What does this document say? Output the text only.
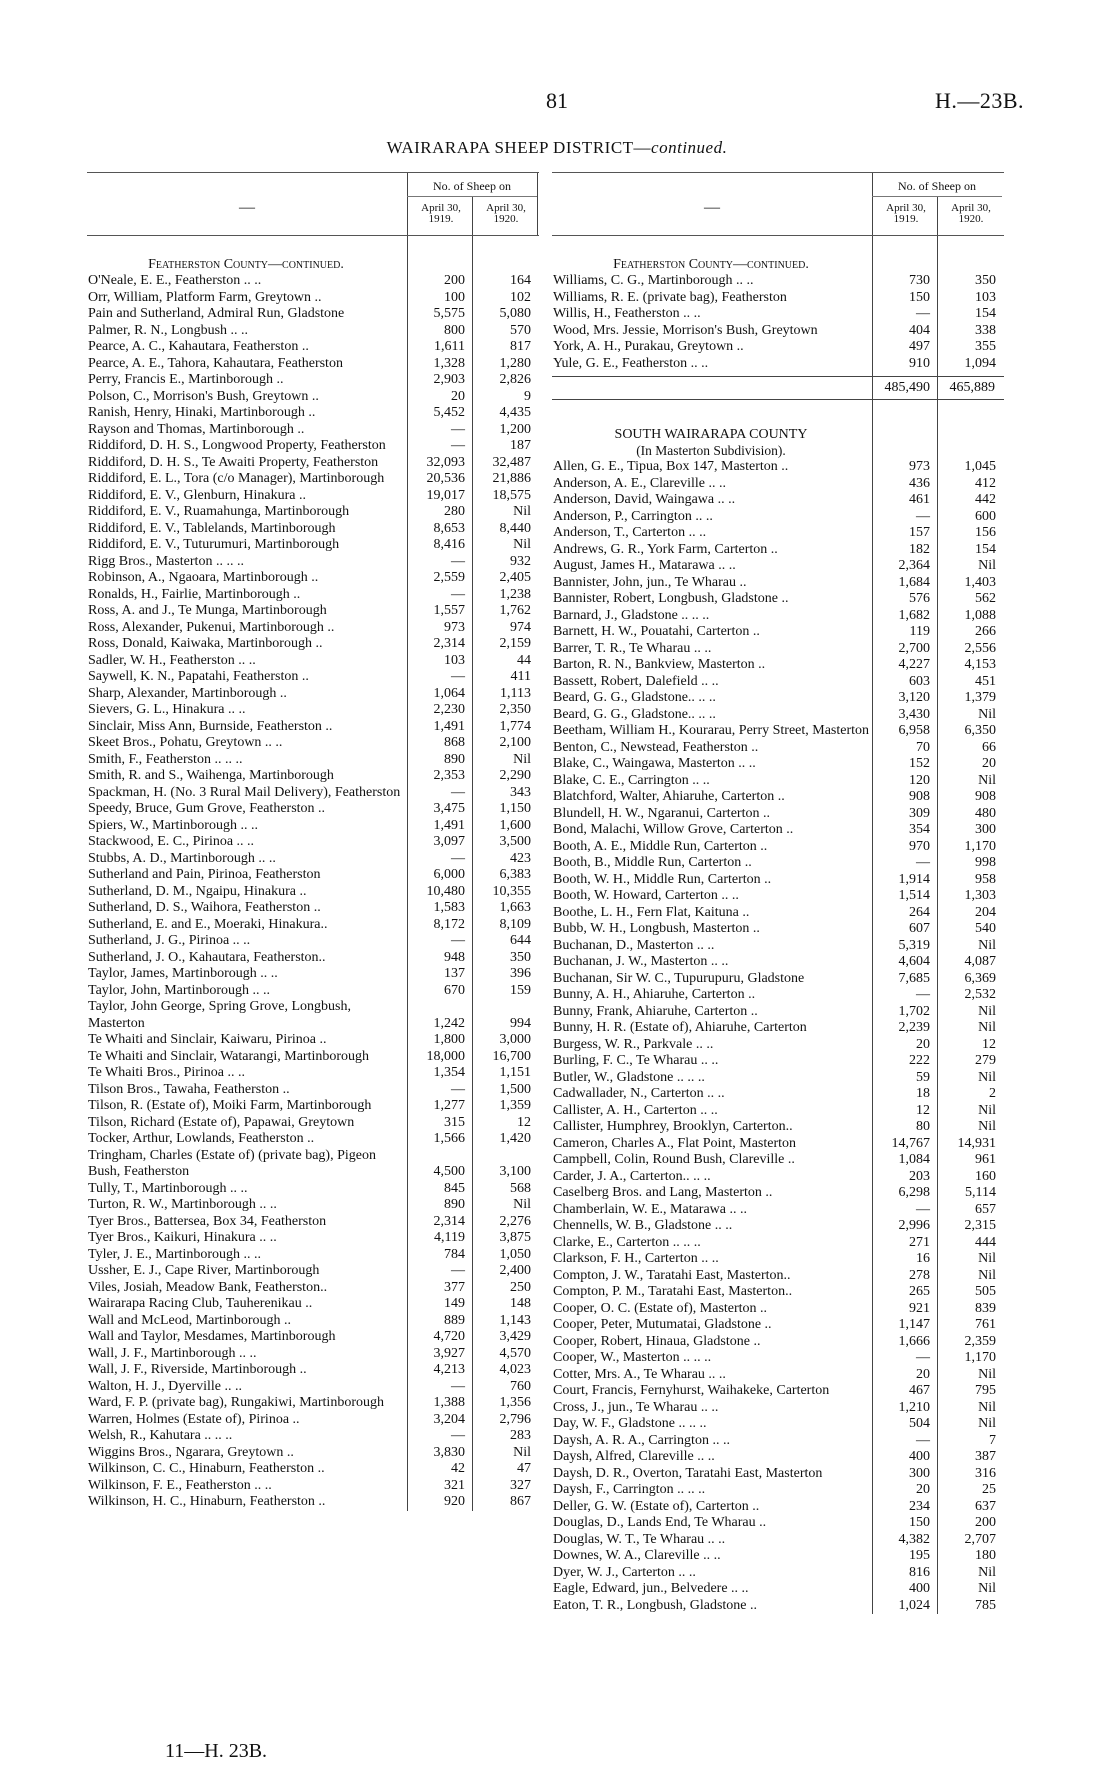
81	H.—23B.
WAIRARAPA SHEEP DISTRICT—continued.
—
No. of Sheep on
April 30, 1919.
April 30, 1920.
Featherston County—continued.
O'Neale, E. E., Featherston .. ..	200	164
Orr, William, Platform Farm, Greytown ..	100	102
Pain and Sutherland, Admiral Run, Gladstone	5,575	5,080
Palmer, R. N., Longbush .. ..	800	570
Pearce, A. C., Kahautara, Featherston ..	1,611	817
Pearce, A. E., Tahora, Kahautara, Featherston	1,328	1,280
Perry, Francis E., Martinborough ..	2,903	2,826
Polson, C., Morrison's Bush, Greytown ..	20	9
Ranish, Henry, Hinaki, Martinborough ..	5,452	4,435
Rayson and Thomas, Martinborough ..	—	1,200
Riddiford, D. H. S., Longwood Property, Featherston	—	187
Riddiford, D. H. S., Te Awaiti Property, Featherston	32,093	32,487
Riddiford, E. L., Tora (c/o Manager), Martinborough	20,536	21,886
Riddiford, E. V., Glenburn, Hinakura ..	19,017	18,575
Riddiford, E. V., Ruamahunga, Martinborough	280	Nil
Riddiford, E. V., Tablelands, Martinborough	8,653	8,440
Riddiford, E. V., Tuturumuri, Martinborough	8,416	Nil
Rigg Bros., Masterton .. .. ..	—	932
Robinson, A., Ngaoara, Martinborough ..	2,559	2,405
Ronalds, H., Fairlie, Martinborough ..	—	1,238
Ross, A. and J., Te Munga, Martinborough	1,557	1,762
Ross, Alexander, Pukenui, Martinborough ..	973	974
Ross, Donald, Kaiwaka, Martinborough ..	2,314	2,159
Sadler, W. H., Featherston .. ..	103	44
Saywell, K. N., Papatahi, Featherston ..	—	411
Sharp, Alexander, Martinborough ..	1,064	1,113
Sievers, G. L., Hinakura .. ..	2,230	2,350
Sinclair, Miss Ann, Burnside, Featherston ..	1,491	1,774
Skeet Bros., Pohatu, Greytown .. ..	868	2,100
Smith, F., Featherston .. .. ..	890	Nil
Smith, R. and S., Waihenga, Martinborough	2,353	2,290
Spackman, H. (No. 3 Rural Mail Delivery), Featherston	—	343
Speedy, Bruce, Gum Grove, Featherston ..	3,475	1,150
Spiers, W., Martinborough .. ..	1,491	1,600
Stackwood, E. C., Pirinoa .. ..	3,097	3,500
Stubbs, A. D., Martinborough .. ..	—	423
Sutherland and Pain, Pirinoa, Featherston	6,000	6,383
Sutherland, D. M., Ngaipu, Hinakura ..	10,480	10,355
Sutherland, D. S., Waihora, Featherston ..	1,583	1,663
Sutherland, E. and E., Moeraki, Hinakura..	8,172	8,109
Sutherland, J. G., Pirinoa .. ..	—	644
Sutherland, J. O., Kahautara, Featherston..	948	350
Taylor, James, Martinborough .. ..	137	396
Taylor, John, Martinborough .. ..	670	159
Taylor, John George, Spring Grove, Longbush, Masterton	1,242	994
Te Whaiti and Sinclair, Kaiwaru, Pirinoa ..	1,800	3,000
Te Whaiti and Sinclair, Watarangi, Martinborough	18,000	16,700
Te Whaiti Bros., Pirinoa .. ..	1,354	1,151
Tilson Bros., Tawaha, Featherston ..	—	1,500
Tilson, R. (Estate of), Moiki Farm, Martinborough	1,277	1,359
Tilson, Richard (Estate of), Papawai, Greytown	315	12
Tocker, Arthur, Lowlands, Featherston ..	1,566	1,420
Tringham, Charles (Estate of) (private bag), Pigeon Bush, Featherston	4,500	3,100
Tully, T., Martinborough .. ..	845	568
Turton, R. W., Martinborough .. ..	890	Nil
Tyer Bros., Battersea, Box 34, Featherston	2,314	2,276
Tyer Bros., Kaikuri, Hinakura .. ..	4,119	3,875
Tyler, J. E., Martinborough .. ..	784	1,050
Ussher, E. J., Cape River, Martinborough	—	2,400
Viles, Josiah, Meadow Bank, Featherston..	377	250
Wairarapa Racing Club, Tauherenikau ..	149	148
Wall and McLeod, Martinborough ..	889	1,143
Wall and Taylor, Mesdames, Martinborough	4,720	3,429
Wall, J. F., Martinborough .. ..	3,927	4,570
Wall, J. F., Riverside, Martinborough ..	4,213	4,023
Walton, H. J., Dyerville .. ..	—	760
Ward, F. P. (private bag), Rungakiwi, Martinborough	1,388	1,356
Warren, Holmes (Estate of), Pirinoa ..	3,204	2,796
Welsh, R., Kahutara .. .. ..	—	283
Wiggins Bros., Ngarara, Greytown ..	3,830	Nil
Wilkinson, C. C., Hinaburn, Featherston ..	42	47
Wilkinson, F. E., Featherston .. ..	321	327
Wilkinson, H. C., Hinaburn, Featherston ..	920	867
—
No. of Sheep on
April 30, 1919.
April 30, 1920.
Featherston County—continued.
Williams, C. G., Martinborough .. ..	730	350
Williams, R. E. (private bag), Featherston	150	103
Willis, H., Featherston .. ..	—	154
Wood, Mrs. Jessie, Morrison's Bush, Greytown	404	338
York, A. H., Purakau, Greytown ..	497	355
Yule, G. E., Featherston .. ..	910	1,094
485,490	465,889
SOUTH WAIRARAPA COUNTY
(In Masterton Subdivision).
Allen, G. E., Tipua, Box 147, Masterton ..	973	1,045
Anderson, A. E., Clareville .. ..	436	412
Anderson, David, Waingawa .. ..	461	442
Anderson, P., Carrington .. ..	—	600
Anderson, T., Carterton .. ..	157	156
Andrews, G. R., York Farm, Carterton ..	182	154
August, James H., Matarawa .. ..	2,364	Nil
Bannister, John, jun., Te Wharau ..	1,684	1,403
Bannister, Robert, Longbush, Gladstone ..	576	562
Barnard, J., Gladstone .. .. ..	1,682	1,088
Barnett, H. W., Pouatahi, Carterton ..	119	266
Barrer, T. R., Te Wharau .. ..	2,700	2,556
Barton, R. N., Bankview, Masterton ..	4,227	4,153
Bassett, Robert, Dalefield .. ..	603	451
Beard, G. G., Gladstone.. .. ..	3,120	1,379
Beard, G. G., Gladstone.. .. ..	3,430	Nil
Beetham, William H., Kourarau, Perry Street, Masterton	6,958	6,350
Benton, C., Newstead, Featherston ..	70	66
Blake, C., Waingawa, Masterton .. ..	152	20
Blake, C. E., Carrington .. ..	120	Nil
Blatchford, Walter, Ahiaruhe, Carterton ..	908	908
Blundell, H. W., Ngaranui, Carterton ..	309	480
Bond, Malachi, Willow Grove, Carterton ..	354	300
Booth, A. E., Middle Run, Carterton ..	970	1,170
Booth, B., Middle Run, Carterton ..	—	998
Booth, W. H., Middle Run, Carterton ..	1,914	958
Booth, W. Howard, Carterton .. ..	1,514	1,303
Boothe, L. H., Fern Flat, Kaituna ..	264	204
Bubb, W. H., Longbush, Masterton ..	607	540
Buchanan, D., Masterton .. ..	5,319	Nil
Buchanan, J. W., Masterton .. ..	4,604	4,087
Buchanan, Sir W. C., Tupurupuru, Gladstone	7,685	6,369
Bunny, A. H., Ahiaruhe, Carterton ..	—	2,532
Bunny, Frank, Ahiaruhe, Carterton ..	1,702	Nil
Bunny, H. R. (Estate of), Ahiaruhe, Carterton	2,239	Nil
Burgess, W. R., Parkvale .. ..	20	12
Burling, F. C., Te Wharau .. ..	222	279
Butler, W., Gladstone .. .. ..	59	Nil
Cadwallader, N., Carterton .. ..	18	2
Callister, A. H., Carterton .. ..	12	Nil
Callister, Humphrey, Brooklyn, Carterton..	80	Nil
Cameron, Charles A., Flat Point, Masterton	14,767	14,931
Campbell, Colin, Round Bush, Clareville ..	1,084	961
Carder, J. A., Carterton.. .. ..	203	160
Caselberg Bros. and Lang, Masterton ..	6,298	5,114
Chamberlain, W. E., Matarawa .. ..	—	657
Chennells, W. B., Gladstone .. ..	2,996	2,315
Clarke, E., Carterton .. .. ..	271	444
Clarkson, F. H., Carterton .. ..	16	Nil
Compton, J. W., Taratahi East, Masterton..	278	Nil
Compton, P. M., Taratahi East, Masterton..	265	505
Cooper, O. C. (Estate of), Masterton ..	921	839
Cooper, Peter, Mutumatai, Gladstone ..	1,147	761
Cooper, Robert, Hinaua, Gladstone ..	1,666	2,359
Cooper, W., Masterton .. .. ..	—	1,170
Cotter, Mrs. A., Te Wharau .. ..	20	Nil
Court, Francis, Fernyhurst, Waihakeke, Carterton	467	795
Cross, J., jun., Te Wharau .. ..	1,210	Nil
Day, W. F., Gladstone .. .. ..	504	Nil
Daysh, A. R. A., Carrington .. ..	—	7
Daysh, Alfred, Clareville .. ..	400	387
Daysh, D. R., Overton, Taratahi East, Masterton	300	316
Daysh, F., Carrington .. .. ..	20	25
Deller, G. W. (Estate of), Carterton ..	234	637
Douglas, D., Lands End, Te Wharau ..	150	200
Douglas, W. T., Te Wharau .. ..	4,382	2,707
Downes, W. A., Clareville .. ..	195	180
Dyer, W. J., Carterton .. ..	816	Nil
Eagle, Edward, jun., Belvedere .. ..	400	Nil
Eaton, T. R., Longbush, Gladstone ..	1,024	785
11—H. 23B.
